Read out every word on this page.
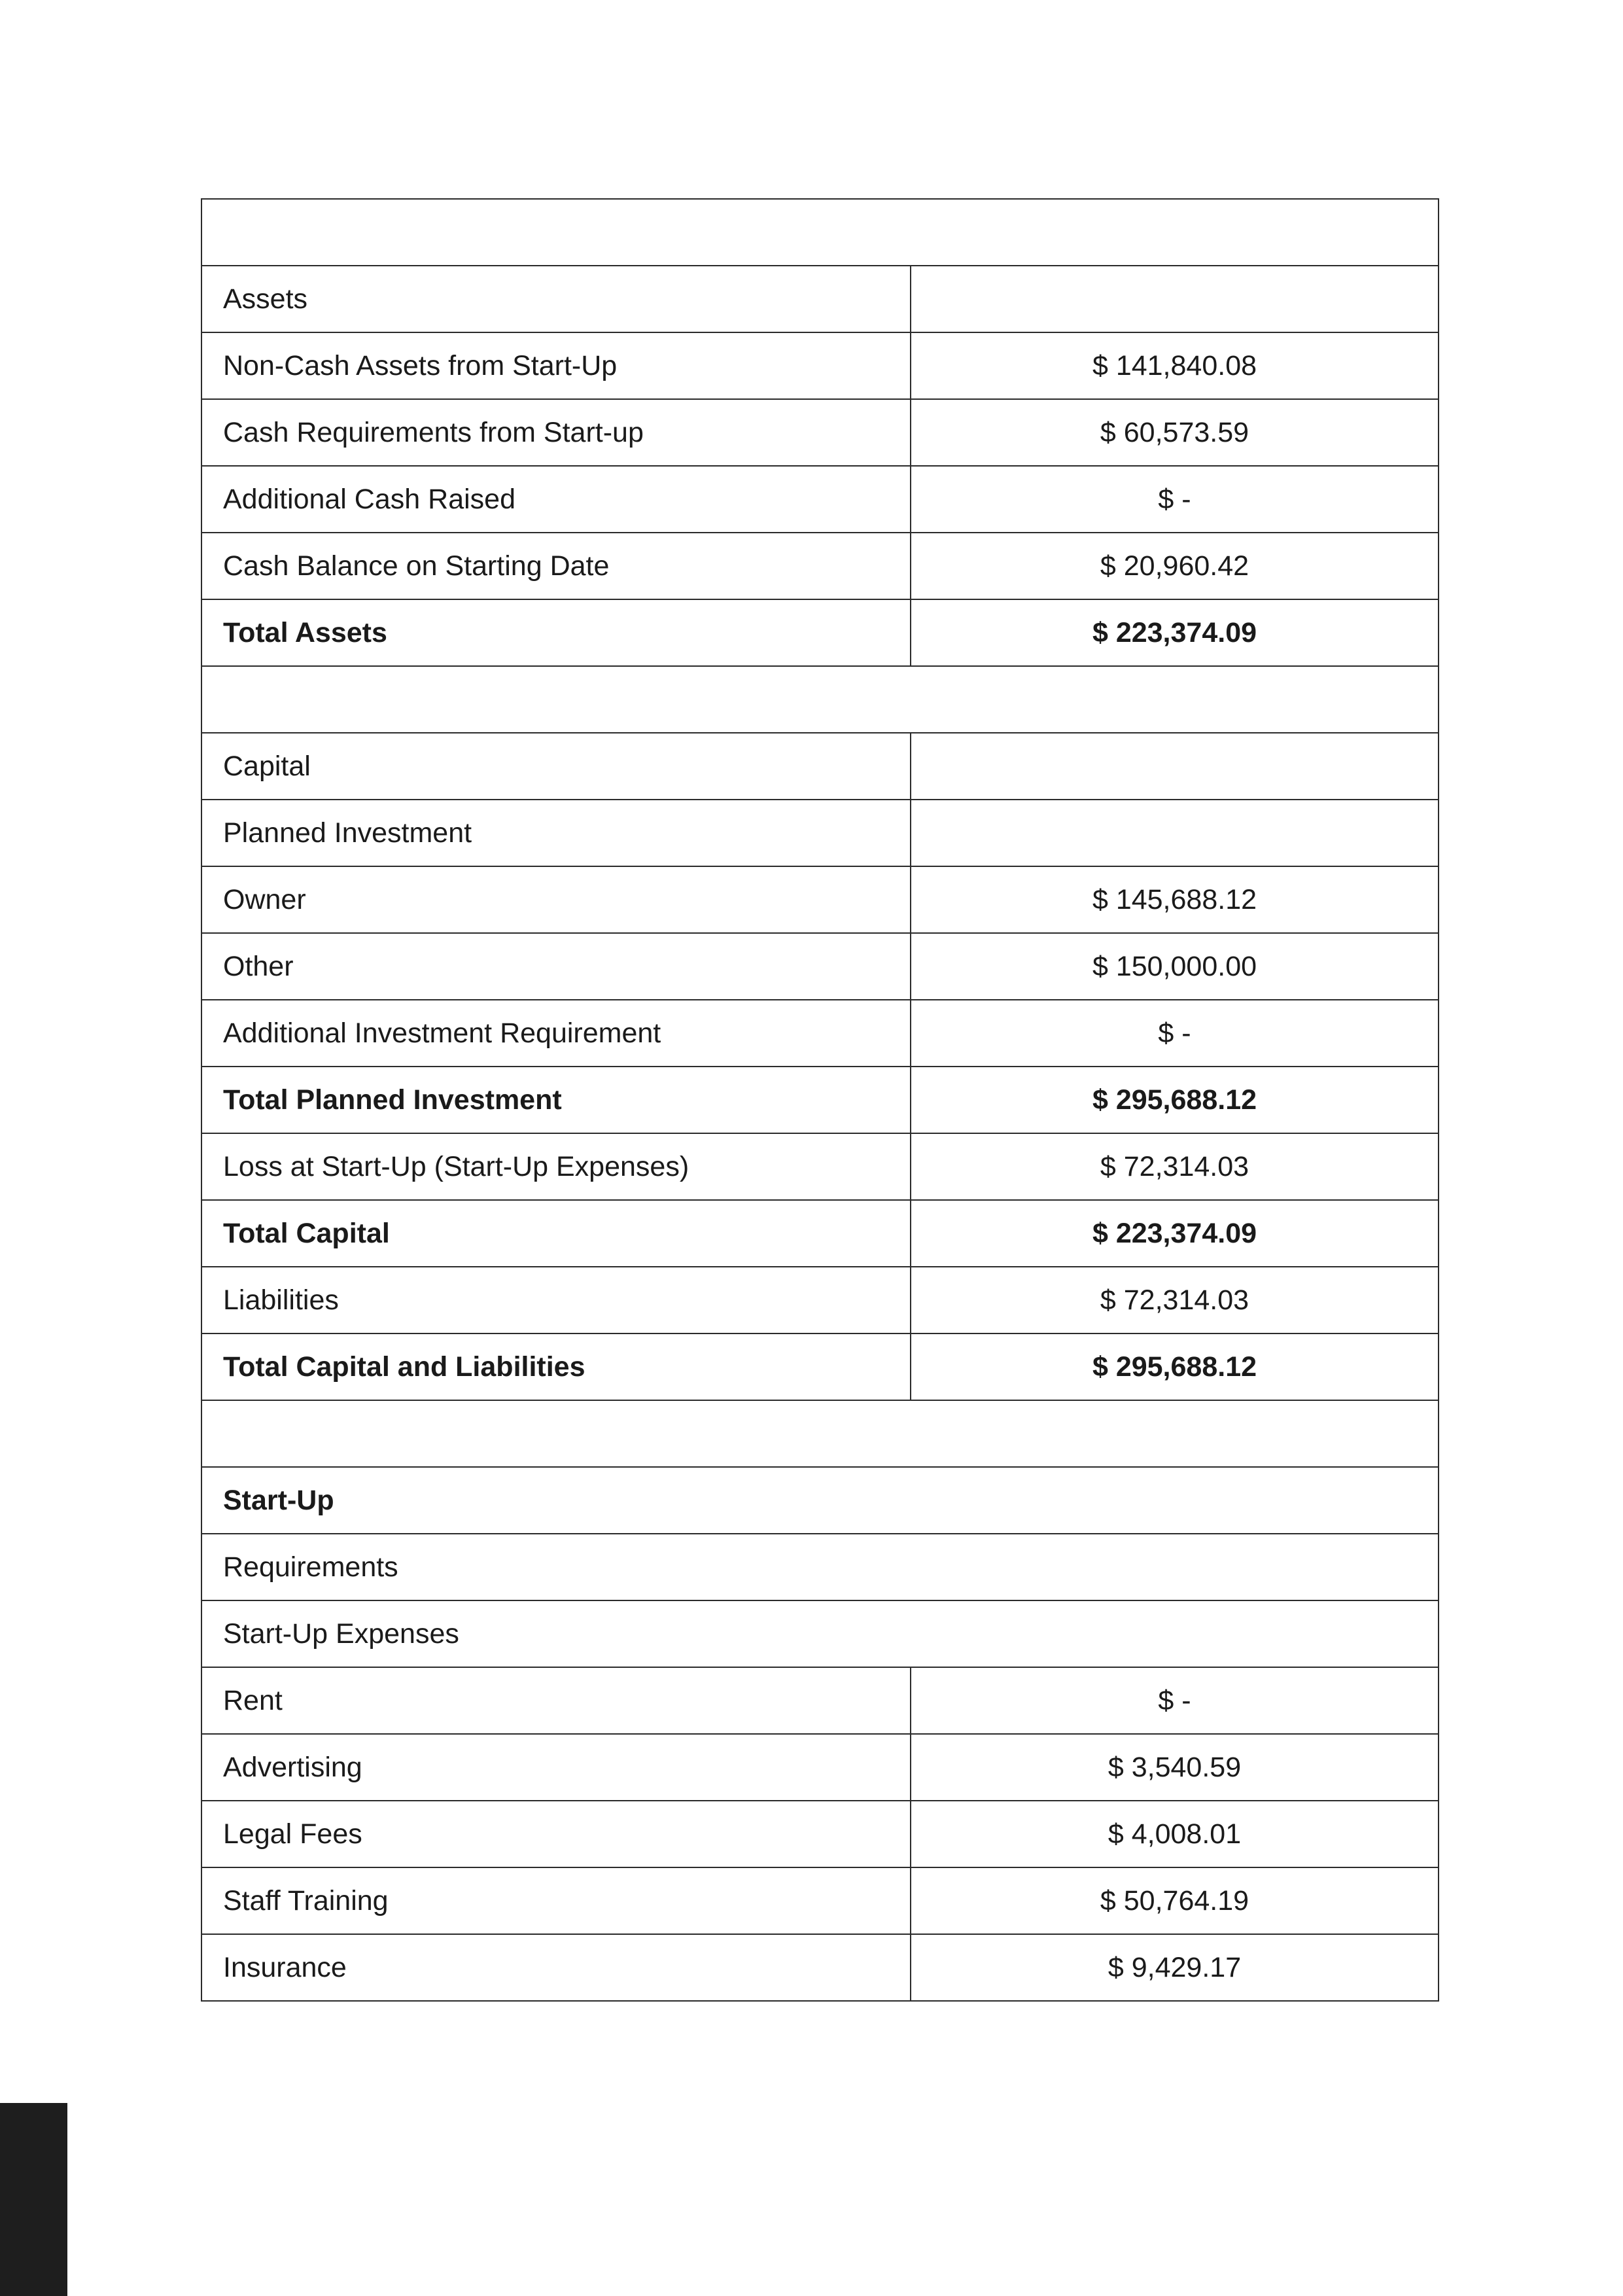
Assets	
Non-Cash Assets from Start-Up	$ 141,840.08
Cash Requirements from Start-up	$ 60,573.59
Additional Cash Raised	$ -
Cash Balance on Starting Date	$ 20,960.42
Total Assets	$ 223,374.09

Capital	
Planned Investment	
Owner	$ 145,688.12
Other	$ 150,000.00
Additional Investment Requirement	$ -
Total Planned Investment	$ 295,688.12
Loss at Start-Up (Start-Up Expenses)	$ 72,314.03
Total Capital	$ 223,374.09
Liabilities	$ 72,314.03
Total Capital and Liabilities	$ 295,688.12

Start-Up	
Requirements	
Start-Up Expenses	
Rent	$ -
Advertising	$ 3,540.59
Legal Fees	$ 4,008.01
Staff Training	$ 50,764.19
Insurance	$ 9,429.17
